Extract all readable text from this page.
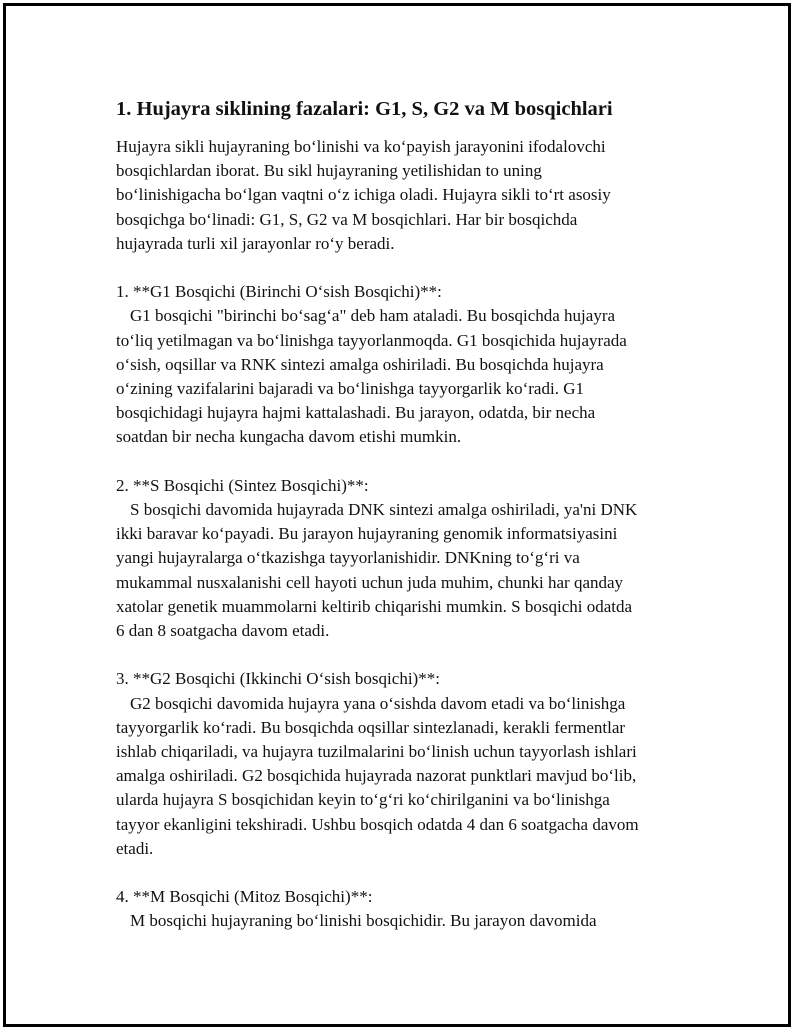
1. Hujayra siklining fazalari: G1, S, G2 va M bosqichlari
Hujayra sikli hujayraning bo‘linishi va ko‘payish jarayonini ifodalovchi
bosqichlardan iborat. Bu sikl hujayraning yetilishidan to uning
bo‘linishigacha bo‘lgan vaqtni o‘z ichiga oladi. Hujayra sikli to‘rt asosiy
bosqichga bo‘linadi: G1, S, G2 va M bosqichlari. Har bir bosqichda
hujayrada turli xil jarayonlar ro‘y beradi.
1. **G1 Bosqichi (Birinchi O‘sish Bosqichi)**:
G1 bosqichi "birinchi bo‘sag‘a" deb ham ataladi. Bu bosqichda hujayra
to‘liq yetilmagan va bo‘linishga tayyorlanmoqda. G1 bosqichida hujayrada
o‘sish, oqsillar va RNK sintezi amalga oshiriladi. Bu bosqichda hujayra
o‘zining vazifalarini bajaradi va bo‘linishga tayyorgarlik ko‘radi. G1
bosqichidagi hujayra hajmi kattalashadi. Bu jarayon, odatda, bir necha
soatdan bir necha kungacha davom etishi mumkin.
2. **S Bosqichi (Sintez Bosqichi)**:
S bosqichi davomida hujayrada DNK sintezi amalga oshiriladi, ya'ni DNK
ikki baravar ko‘payadi. Bu jarayon hujayraning genomik informatsiyasini
yangi hujayralarga o‘tkazishga tayyorlanishidir. DNKning to‘g‘ri va
mukammal nusxalanishi cell hayoti uchun juda muhim, chunki har qanday
xatolar genetik muammolarni keltirib chiqarishi mumkin. S bosqichi odatda
6 dan 8 soatgacha davom etadi.
3. **G2 Bosqichi (Ikkinchi O‘sish bosqichi)**:
G2 bosqichi davomida hujayra yana o‘sishda davom etadi va bo‘linishga
tayyorgarlik ko‘radi. Bu bosqichda oqsillar sintezlanadi, kerakli fermentlar
ishlab chiqariladi, va hujayra tuzilmalarini bo‘linish uchun tayyorlash ishlari
amalga oshiriladi. G2 bosqichida hujayrada nazorat punktlari mavjud bo‘lib,
ularda hujayra S bosqichidan keyin to‘g‘ri ko‘chirilganini va bo‘linishga
tayyor ekanligini tekshiradi. Ushbu bosqich odatda 4 dan 6 soatgacha davom
etadi.
4. **M Bosqichi (Mitoz Bosqichi)**:
M bosqichi hujayraning bo‘linishi bosqichidir. Bu jarayon davomida
